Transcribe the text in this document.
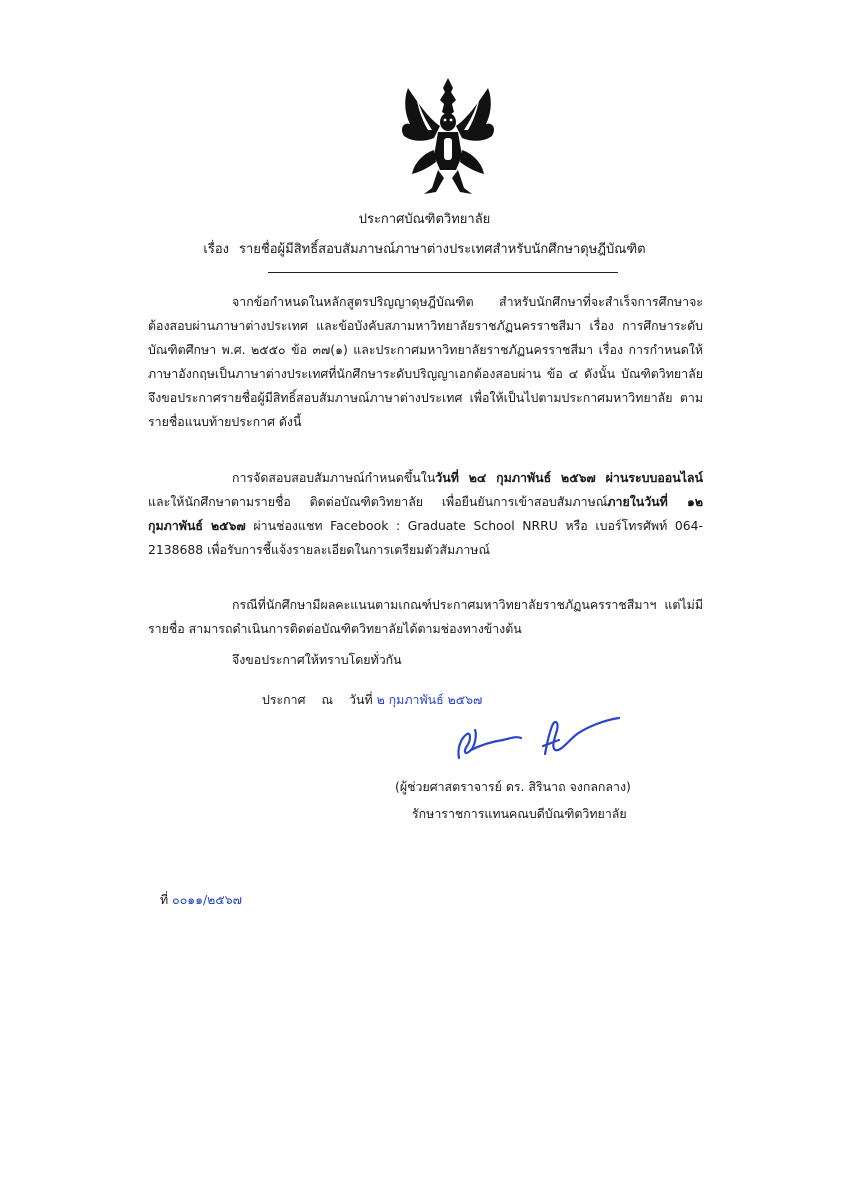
ประกาศบัณฑิตวิทยาลัย
เรื่อง รายชื่อผู้มีสิทธิ์สอบสัมภาษณ์ภาษาต่างประเทศสำหรับนักศึกษาดุษฎีบัณฑิต

จากข้อกำหนดในหลักสูตรปริญญาดุษฎีบัณฑิต สำหรับนักศึกษาที่จะสำเร็จการศึกษาจะต้องสอบผ่านภาษาต่างประเทศ และข้อบังคับสภามหาวิทยาลัยราชภัฏนครราชสีมา เรื่อง การศึกษาระดับบัณฑิตศึกษา พ.ศ. ๒๕๕๐ ข้อ ๓๗(๑) และประกาศมหาวิทยาลัยราชภัฏนครราชสีมา เรื่อง การกำหนดให้ภาษาอังกฤษเป็นภาษาต่างประเทศที่นักศึกษาระดับปริญญาเอกต้องสอบผ่าน ข้อ ๔ ดังนั้น บัณฑิตวิทยาลัยจึงขอประกาศรายชื่อผู้มีสิทธิ์สอบสัมภาษณ์ภาษาต่างประเทศ เพื่อให้เป็นไปตามประกาศมหาวิทยาลัย ตามรายชื่อแนบท้ายประกาศ ดังนี้

การจัดสอบสอบสัมภาษณ์กำหนดขึ้นในวันที่ ๒๔ กุมภาพันธ์ ๒๕๖๗ ผ่านระบบออนไลน์ และให้นักศึกษาตามรายชื่อ ติดต่อบัณฑิตวิทยาลัย เพื่อยืนยันการเข้าสอบสัมภาษณ์ภายในวันที่ ๑๒ กุมภาพันธ์ ๒๕๖๗ ผ่านช่องแชท Facebook : Graduate School NRRU หรือ เบอร์โทรศัพท์ 064-2138688 เพื่อรับการชี้แจ้งรายละเอียดในการเตรียมตัวสัมภาษณ์

กรณีที่นักศึกษามีผลคะแนนตามเกณฑ์ประกาศมหาวิทยาลัยราชภัฏนครราชสีมาฯ แต่ไม่มีรายชื่อ สามารถดำเนินการติดต่อบัณฑิตวิทยาลัยได้ตามช่องทางข้างต้น

จึงขอประกาศให้ทราบโดยทั่วกัน
ประกาศ ณ วันที่ ๒ กุมภาพันธ์ ๒๕๖๗
(ผู้ช่วยศาสตราจารย์ ดร. สิรินาถ จงกลกลาง)
รักษาราชการแทนคณบดีบัณฑิตวิทยาลัย
ที่ ๐๐๑๑/๒๕๖๗
